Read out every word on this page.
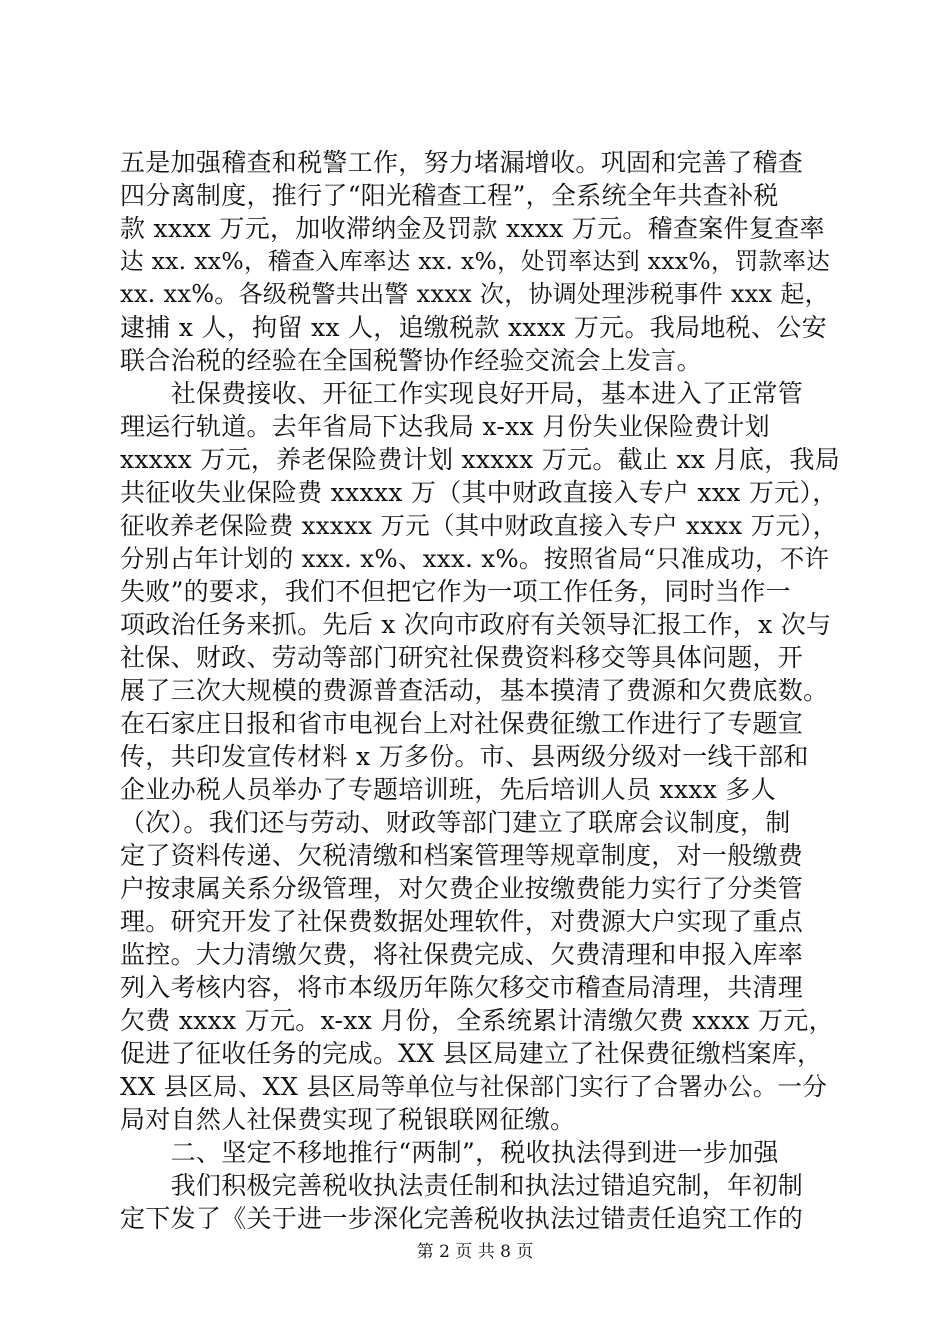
五是加强稽查和税警工作，努力堵漏增收。巩固和完善了稽查
四分离制度，推行了“阳光稽查工程”，全系统全年共查补税
款 xxxx 万元，加收滞纳金及罚款 xxxx 万元。稽查案件复查率
达 xx. xx%，稽查入库率达 xx. x%，处罚率达到 xxx%，罚款率达
xx. xx%。各级税警共出警 xxxx 次，协调处理涉税事件 xxx 起，
逮捕 x 人，拘留 xx 人，追缴税款 xxxx 万元。我局地税、公安
联合治税的经验在全国税警协作经验交流会上发言。
　　社保费接收、开征工作实现良好开局，基本进入了正常管
理运行轨道。去年省局下达我局 x-xx 月份失业保险费计划
xxxxx 万元，养老保险费计划 xxxxx 万元。截止 xx 月底，我局
共征收失业保险费 xxxxx 万（其中财政直接入专户 xxx 万元），
征收养老保险费 xxxxx 万元（其中财政直接入专户 xxxx 万元），
分别占年计划的 xxx. x%、xxx. x%。按照省局“只准成功，不许
失败”的要求，我们不但把它作为一项工作任务，同时当作一
项政治任务来抓。先后 x 次向市政府有关领导汇报工作，x 次与
社保、财政、劳动等部门研究社保费资料移交等具体问题，开
展了三次大规模的费源普查活动，基本摸清了费源和欠费底数。
在石家庄日报和省市电视台上对社保费征缴工作进行了专题宣
传，共印发宣传材料 x 万多份。市、县两级分级对一线干部和
企业办税人员举办了专题培训班，先后培训人员 xxxx 多人
（次）。我们还与劳动、财政等部门建立了联席会议制度，制
定了资料传递、欠税清缴和档案管理等规章制度，对一般缴费
户按隶属关系分级管理，对欠费企业按缴费能力实行了分类管
理。研究开发了社保费数据处理软件，对费源大户实现了重点
监控。大力清缴欠费，将社保费完成、欠费清理和申报入库率
列入考核内容，将市本级历年陈欠移交市稽查局清理，共清理
欠费 xxxx 万元。x-xx 月份，全系统累计清缴欠费 xxxx 万元，
促进了征收任务的完成。XX 县区局建立了社保费征缴档案库，
XX 县区局、XX 县区局等单位与社保部门实行了合署办公。一分
局对自然人社保费实现了税银联网征缴。
　　二、坚定不移地推行“两制”，税收执法得到进一步加强
　　我们积极完善税收执法责任制和执法过错追究制，年初制
定下发了《关于进一步深化完善税收执法过错责任追究工作的
第 2 页 共 8 页
